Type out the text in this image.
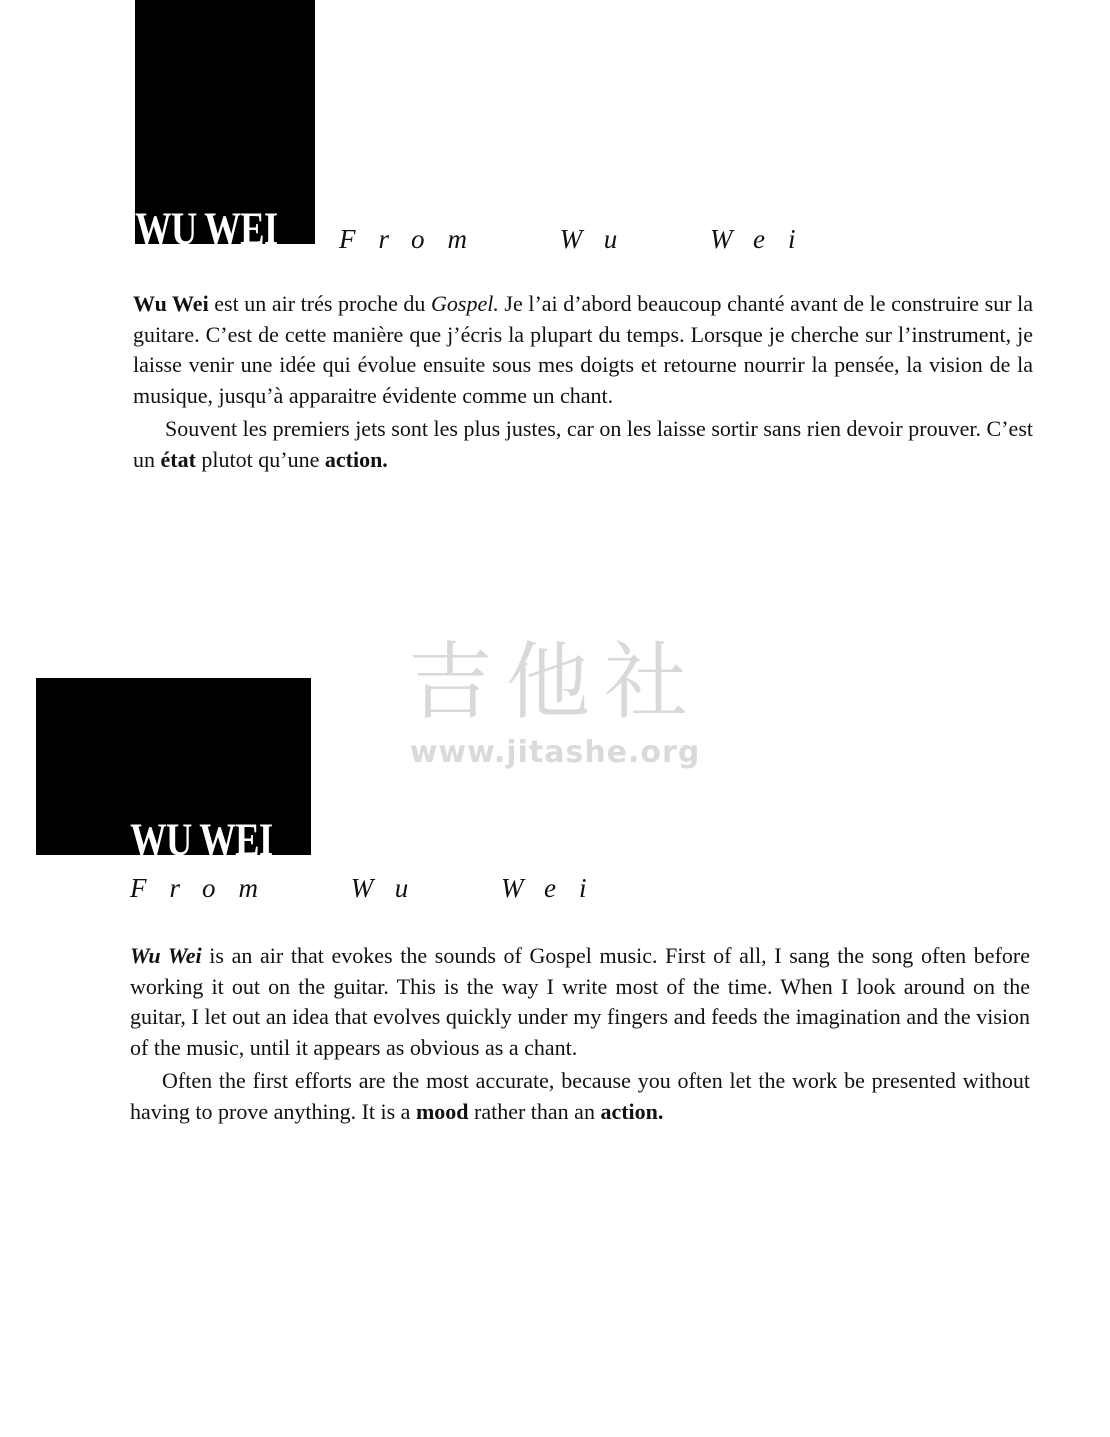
WU WEI From Wu Wei

Wu Wei est un air trés proche du Gospel. Je l’ai d’abord beaucoup chanté avant de le construire sur la guitare. C’est de cette manière que j’écris la plupart du temps. Lorsque je cherche sur l’instrument, je laisse venir une idée qui évolue ensuite sous mes doigts et retourne nourrir la pensée, la vision de la musique, jusqu’à apparaitre évidente comme un chant.

Souvent les premiers jets sont les plus justes, car on les laisse sortir sans rien devoir prouver. C’est un état plutot qu’une action.

吉他社
www.jitashe.org
WU WEI
From Wu Wei

Wu Wei is an air that evokes the sounds of Gospel music. First of all, I sang the song often before working it out on the guitar. This is the way I write most of the time. When I look around on the guitar, I let out an idea that evolves quickly under my fingers and feeds the imagination and the vision of the music, until it appears as obvious as a chant.

Often the first efforts are the most accurate, because you often let the work be presented without having to prove anything. It is a mood rather than an action.
